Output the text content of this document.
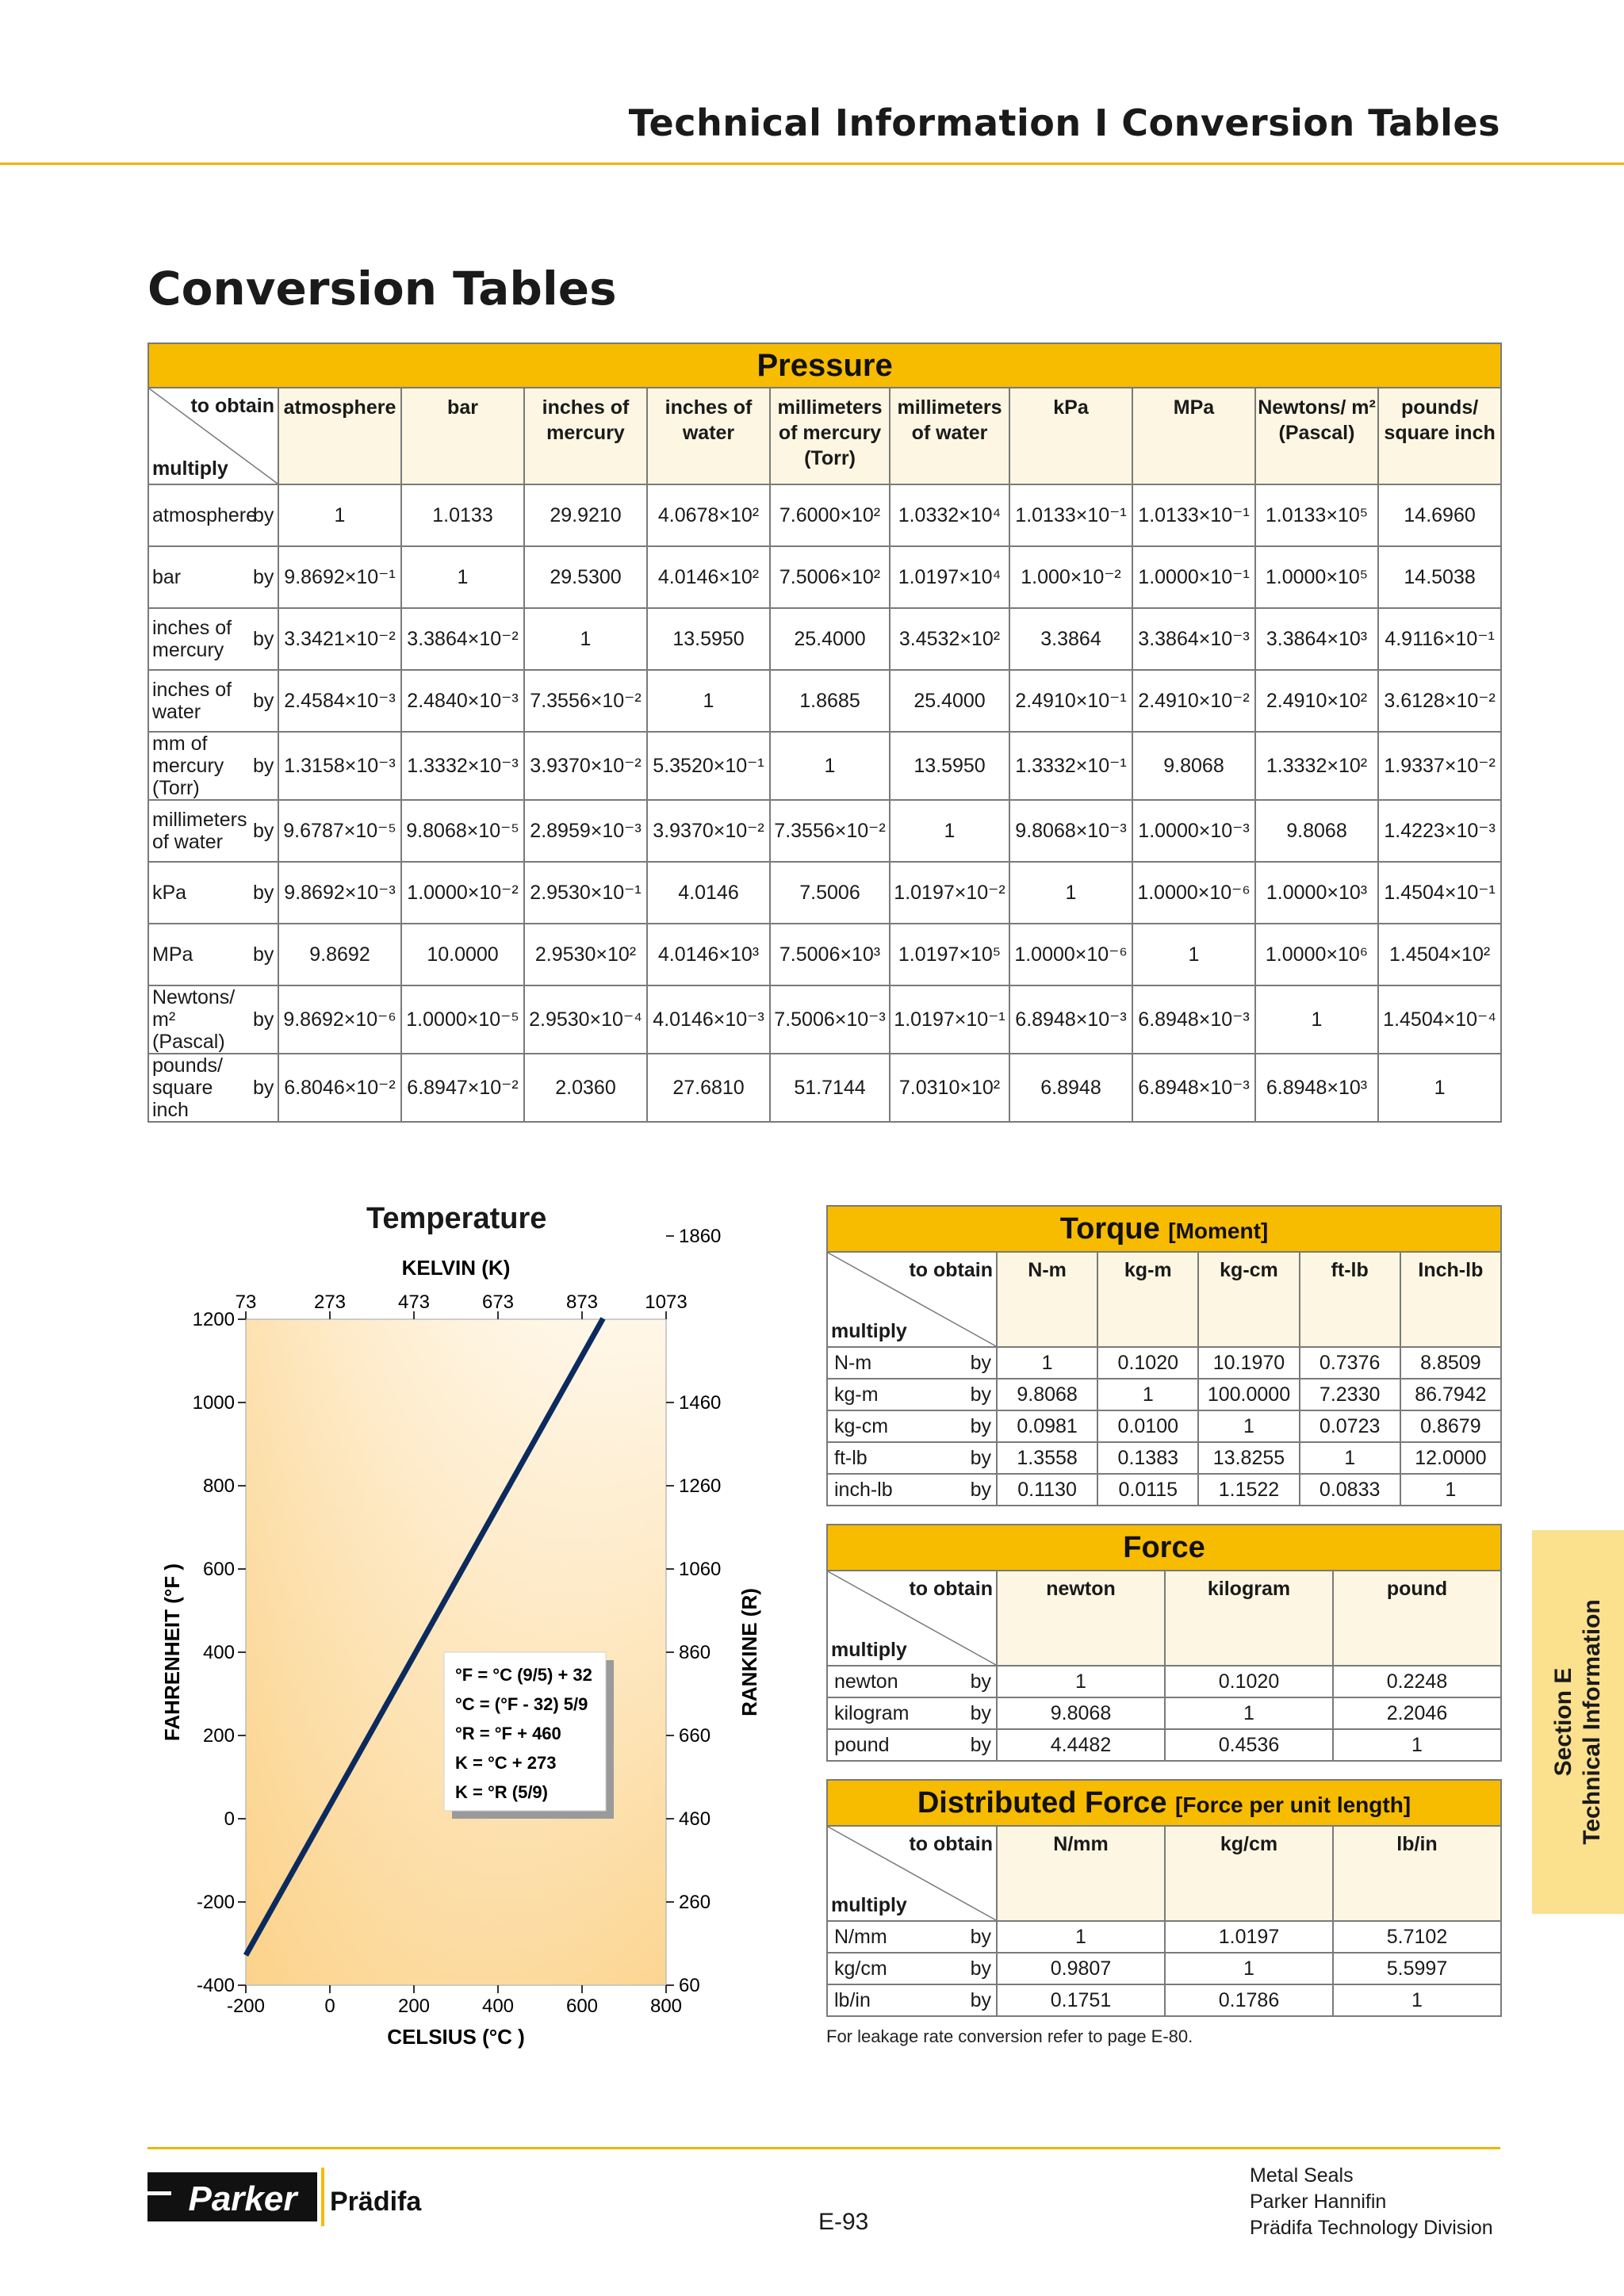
Technical Information I Conversion Tables
Conversion Tables
Pressure											

to obtain
multiply		atmosphere	bar	inches of mercury	inches of water	millimeters of mercury (Torr)	millimeters of water	kPa	MPa	Newtons/ m² (Pascal)	pounds/ square inch
atmosphere	by	1	1.0133	29.9210	4.0678×10²	7.6000×10²	1.0332×10⁴	1.0133×10⁻¹	1.0133×10⁻¹	1.0133×10⁵	14.6960
bar	by	9.8692×10⁻¹	1	29.5300	4.0146×10²	7.5006×10²	1.0197×10⁴	1.000×10⁻²	1.0000×10⁻¹	1.0000×10⁵	14.5038
inches of mercury	by	3.3421×10⁻²	3.3864×10⁻²	1	13.5950	25.4000	3.4532×10²	3.3864	3.3864×10⁻³	3.3864×10³	4.9116×10⁻¹
inches of water	by	2.4584×10⁻³	2.4840×10⁻³	7.3556×10⁻²	1	1.8685	25.4000	2.4910×10⁻¹	2.4910×10⁻²	2.4910×10²	3.6128×10⁻²
mm of mercury (Torr)	by	1.3158×10⁻³	1.3332×10⁻³	3.9370×10⁻²	5.3520×10⁻¹	1	13.5950	1.3332×10⁻¹	9.8068	1.3332×10²	1.9337×10⁻²
millimeters of water	by	9.6787×10⁻⁵	9.8068×10⁻⁵	2.8959×10⁻³	3.9370×10⁻²	7.3556×10⁻²	1	9.8068×10⁻³	1.0000×10⁻³	9.8068	1.4223×10⁻³
kPa	by	9.8692×10⁻³	1.0000×10⁻²	2.9530×10⁻¹	4.0146	7.5006	1.0197×10⁻²	1	1.0000×10⁻⁶	1.0000×10³	1.4504×10⁻¹
MPa	by	9.8692	10.0000	2.9530×10²	4.0146×10³	7.5006×10³	1.0197×10⁵	1.0000×10⁻⁶	1	1.0000×10⁶	1.4504×10²
Newtons/ m² (Pascal)	by	9.8692×10⁻⁶	1.0000×10⁻⁵	2.9530×10⁻⁴	4.0146×10⁻³	7.5006×10⁻³	1.0197×10⁻¹	6.8948×10⁻³	6.8948×10⁻³	1	1.4504×10⁻⁴
pounds/ square inch	by	6.8046×10⁻²	6.8947×10⁻²	2.0360	27.6810	51.7144	7.0310×10²	6.8948	6.8948×10⁻³	6.8948×10³	1
Temperature
-200	0	200	400	600	800
73	273	473	673	873 1073
1200
1000
800
600
400
200
0
-200
-400
1860
1460
1260
1060
860
660
460
260
60
°F = °C (9/5) + 32
°C = (°F - 32) 5/9
°R = °F + 460
K = °C + 273
K = °R (5/9)
KELVIN (K)
CELSIUS (°C )
FAHRENHEIT (°F )	RANKINE (R)
Torque [Moment]						

to obtain
multiply		N-m	kg-m	kg-cm	ft-lb	Inch-lb
N-m	by	1	0.1020	10.1970	0.7376	8.8509
kg-m	by	9.8068	1	100.0000	7.2330	86.7942
kg-cm	by	0.0981	0.0100	1	0.0723	0.8679
ft-lb	by	1.3558	0.1383	13.8255	1	12.0000
inch-lb	by	0.1130	0.0115	1.1522	0.0833	1
Force				

to obtain
multiply		newton	kilogram	pound
newton	by	1	0.1020	0.2248
kilogram	by	9.8068	1	2.2046
pound	by	4.4482	0.4536	1
Distributed Force [Force per unit length]				

to obtain
multiply		N/mm	kg/cm	lb/in
N/mm	by	1	1.0197	5.7102
kg/cm	by	0.9807	1	5.5997
lb/in	by	0.1751	0.1786	1
For leakage rate conversion refer to page E-80.
Section E Technical Information
Parker Prädifa
E-93
Metal Seals
Parker Hannifin
Prädifa Technology Division
